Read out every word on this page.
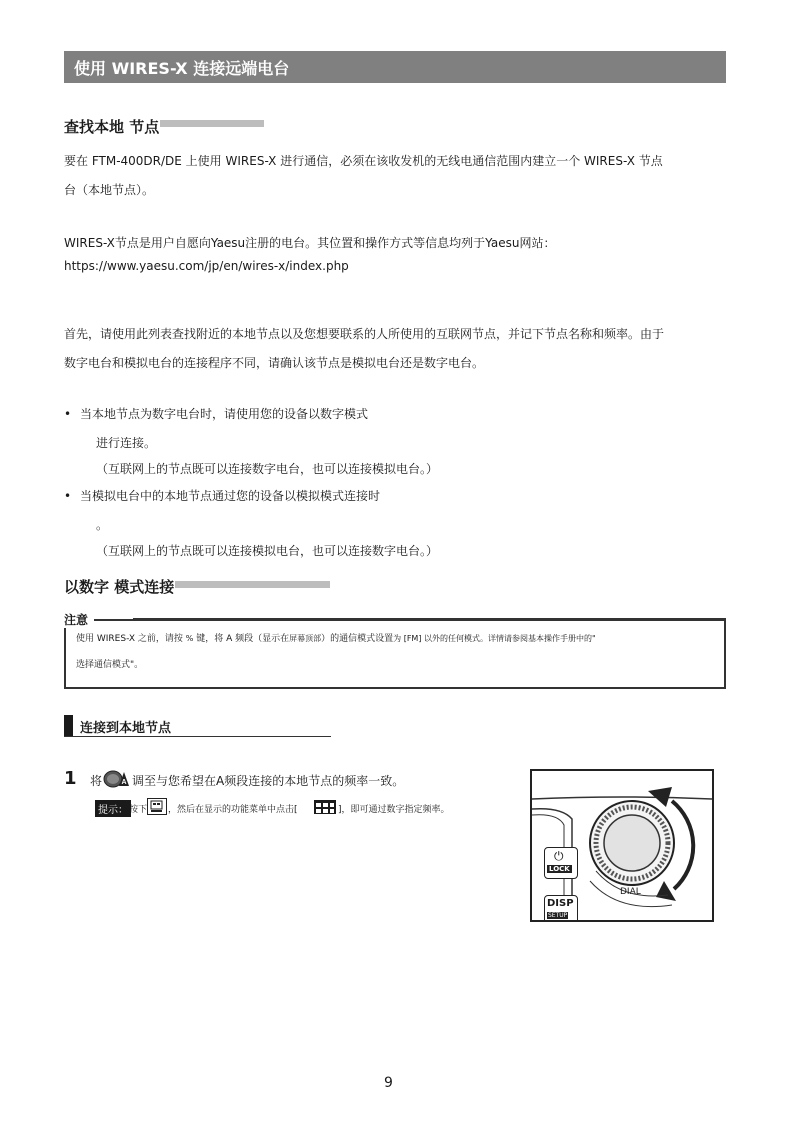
使用 WIRES-X 连接远端电台
查找本地 节点
要在 FTM-400DR/DE 上使用 WIRES-X 进行通信，必须在该收发机的无线电通信范围内建立一个 WIRES-X 节点
台（本地节点）。
WIRES-X节点是用户自愿向Yaesu注册的电台。其位置和操作方式等信息均列于Yaesu网站：
https://www.yaesu.com/jp/en/wires-x/index.php
首先，请使用此列表查找附近的本地节点以及您想要联系的人所使用的互联网节点，并记下节点名称和频率。由于
数字电台和模拟电台的连接程序不同，请确认该节点是模拟电台还是数字电台。
• 当本地节点为数字电台时，请使用您的设备以数字模式
进行连接。
（互联网上的节点既可以连接数字电台，也可以连接模拟电台。）
• 当模拟电台中的本地节点通过您的设备以模拟模式连接时
。
（互联网上的节点既可以连接模拟电台，也可以连接数字电台。）
以数字 模式连接
使用 WIRES-X 之前，请按 % 键，将 A 频段（显示在屏幕顶部）的通信模式设置为 [FM] 以外的任何模式。详情请参阅基本操作手册中的"
选择通信模式"。
注意
连接到本地节点
1 将	A 调至与您希望在A频段连接的本地节点的频率一致。
提示： 按下 ，然后在显示的功能菜单中点击[	]，即可通过数字指定频率。
⏻
LOCK
DISP
SETUP
DIAL
9
